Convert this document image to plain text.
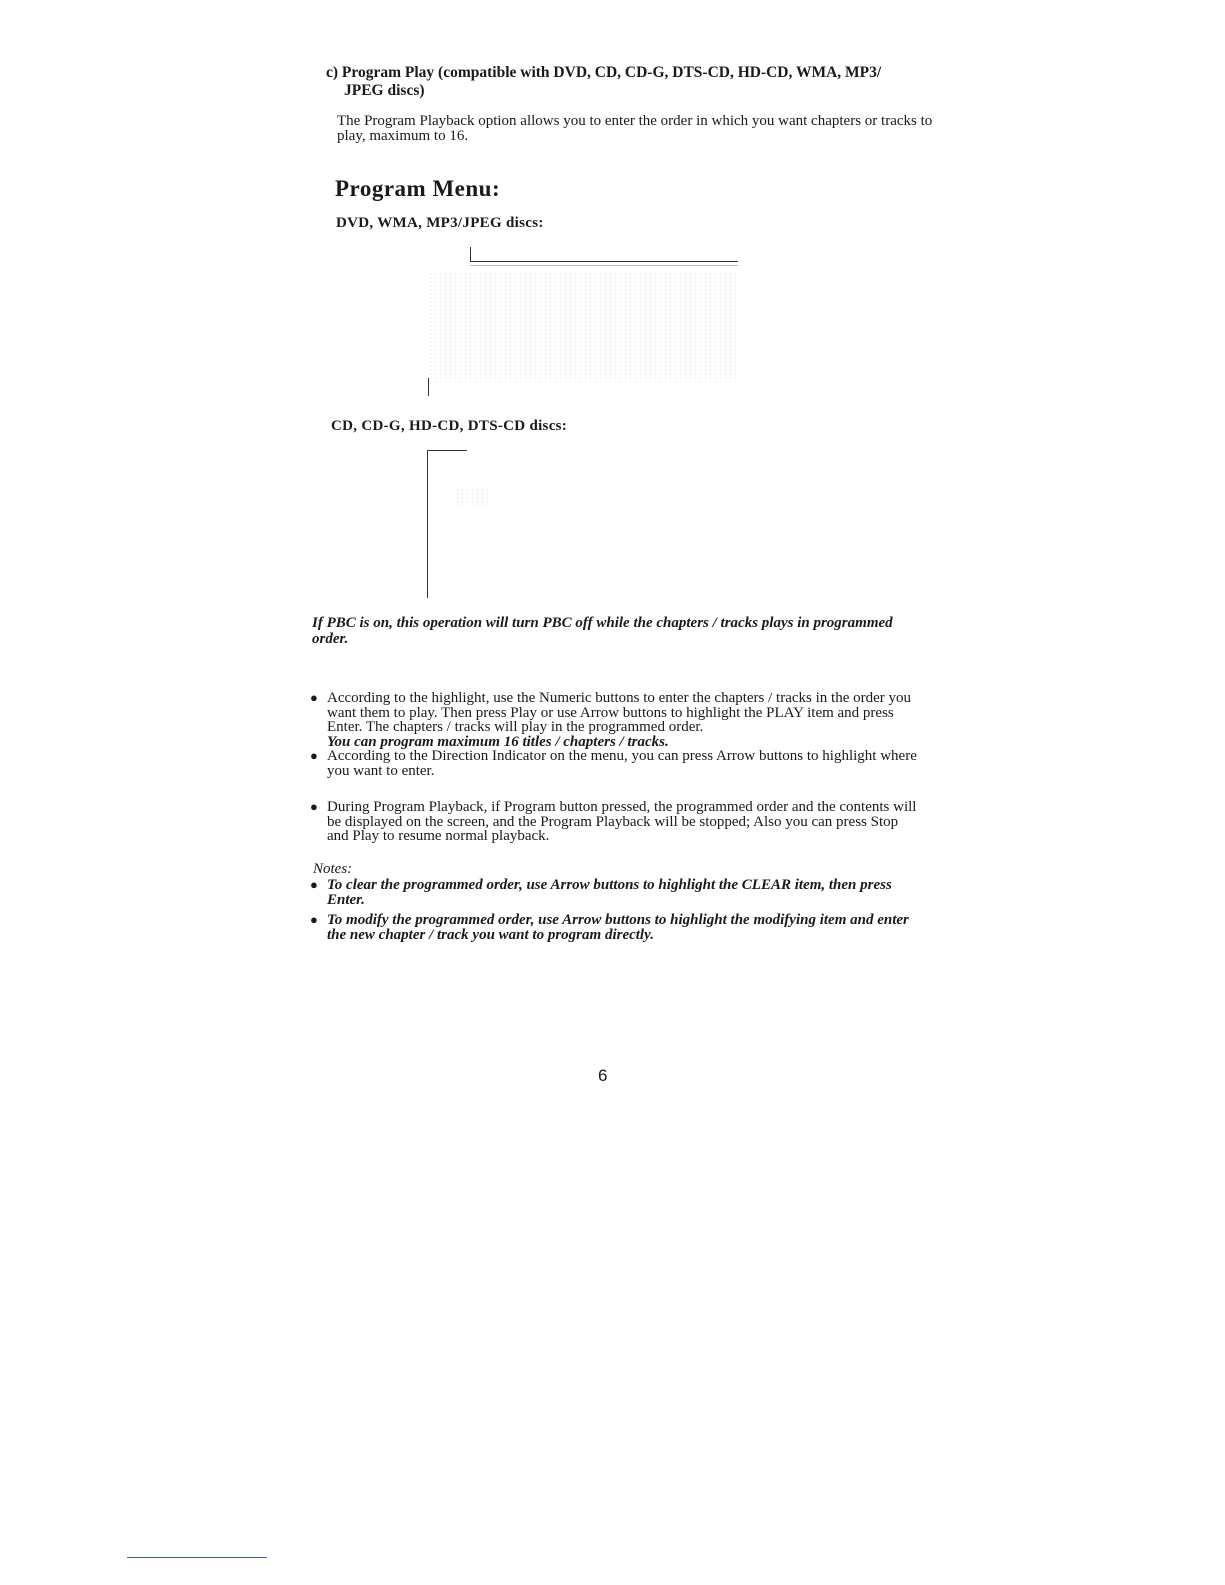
c) Program Play (compatible with DVD, CD, CD-G, DTS-CD, HD-CD, WMA, MP3/
JPEG discs)
The Program Playback option allows you to enter the order in which you want chapters or tracks to play, maximum to 16.
Program Menu:
DVD, WMA, MP3/JPEG discs:
CD, CD-G, HD-CD, DTS-CD discs:
If PBC is on, this operation will turn PBC off while the chapters / tracks plays in programmed order.
● According to the highlight, use the Numeric buttons to enter the chapters / tracks in the order you want them to play. Then press Play or use Arrow buttons to highlight the PLAY item and press Enter. The chapters / tracks will play in the programmed order.
You can program maximum 16 titles / chapters / tracks.
● According to the Direction Indicator on the menu, you can press Arrow buttons to highlight where you want to enter.
● During Program Playback, if Program button pressed, the programmed order and the contents will be displayed on the screen, and the Program Playback will be stopped; Also you can press Stop and Play to resume normal playback.
Notes:
● To clear the programmed order, use Arrow buttons to highlight the CLEAR item, then press Enter.
● To modify the programmed order, use Arrow buttons to highlight the modifying item and enter the new chapter / track you want to program directly.
6
